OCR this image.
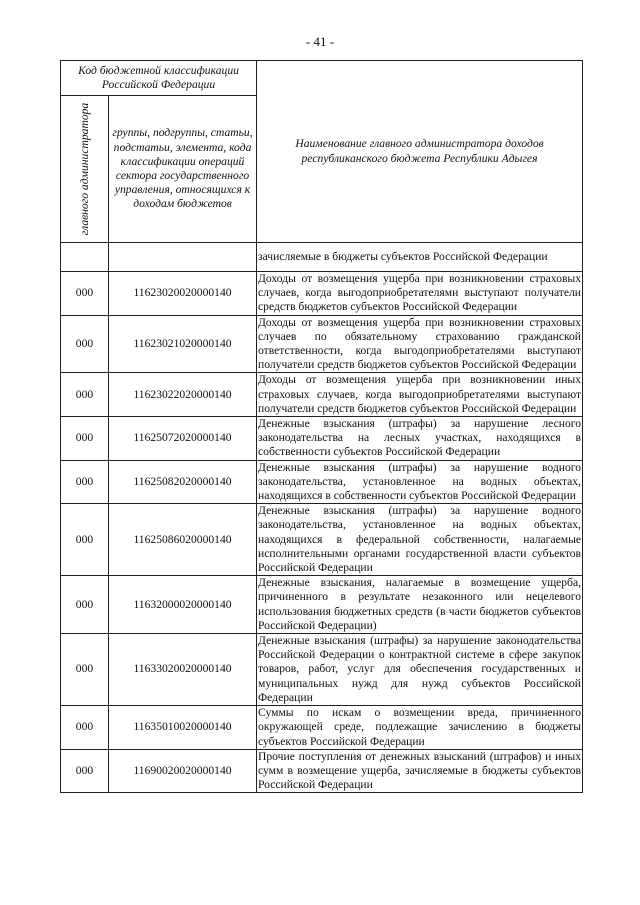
- 41 -
Код бюджетной классификации Российской Федерации		Наименование главного администратора доходов республиканского бюджета Республики Адыгея

главного администратора	группы, подгруппы, статьи, подстатьи, элемента, кода классификации операций сектора государственного управления, относящихся к доходам бюджетов	
		зачисляемые в бюджеты субъектов Российской Федерации
000	11623020020000140	Доходы от возмещения ущерба при возникновении страховых случаев, когда выгодоприобретателями выступают получатели средств бюджетов субъектов Российской Федерации
000	11623021020000140	Доходы от возмещения ущерба при возникновении страховых случаев по обязательному страхованию гражданской ответственности, когда выгодоприобретателями выступают получатели средств бюджетов субъектов Российской Федерации
000	11623022020000140	Доходы от возмещения ущерба при возникновении иных страховых случаев, когда выгодоприобретателями выступают получатели средств бюджетов субъектов Российской Федерации
000	11625072020000140	Денежные взыскания (штрафы) за нарушение лесного законодательства на лесных участках, находящихся в собственности субъектов Российской Федерации
000	11625082020000140	Денежные взыскания (штрафы) за нарушение водного законодательства, установленное на водных объектах, находящихся в собственности субъектов Российской Федерации
000	11625086020000140	Денежные взыскания (штрафы) за нарушение водного законодательства, установленное на водных объектах, находящихся в федеральной собственности, налагаемые исполнительными органами государственной власти субъектов Российской Федерации
000	11632000020000140	Денежные взыскания, налагаемые в возмещение ущерба, причиненного в результате незаконного или нецелевого использования бюджетных средств (в части бюджетов субъектов Российской Федерации)
000	11633020020000140	Денежные взыскания (штрафы) за нарушение законодательства Российской Федерации о контрактной системе в сфере закупок товаров, работ, услуг для обеспечения государственных и муниципальных нужд для нужд субъектов Российской Федерации
000	11635010020000140	Суммы по искам о возмещении вреда, причиненного окружающей среде, подлежащие зачислению в бюджеты субъектов Российской Федерации
000	11690020020000140	Прочие поступления от денежных взысканий (штрафов) и иных сумм в возмещение ущерба, зачисляемые в бюджеты субъектов Российской Федерации
